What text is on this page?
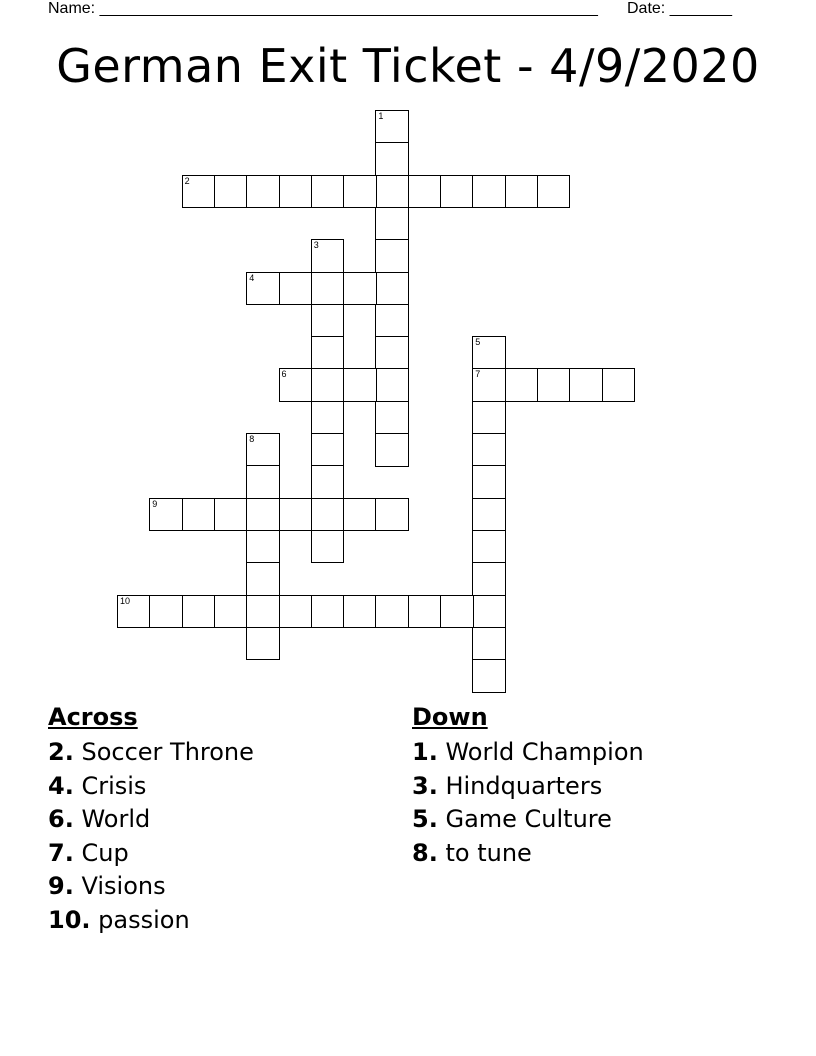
Name: ________________________________________________________ Date: _______
German Exit Ticket - 4/9/2020
1
2
3
4
5
7
6
8
9
10
Across
2. Soccer Throne
4. Crisis
6. World
7. Cup
9. Visions
10. passion
Down
1. World Champion
3. Hindquarters
5. Game Culture
8. to tune
